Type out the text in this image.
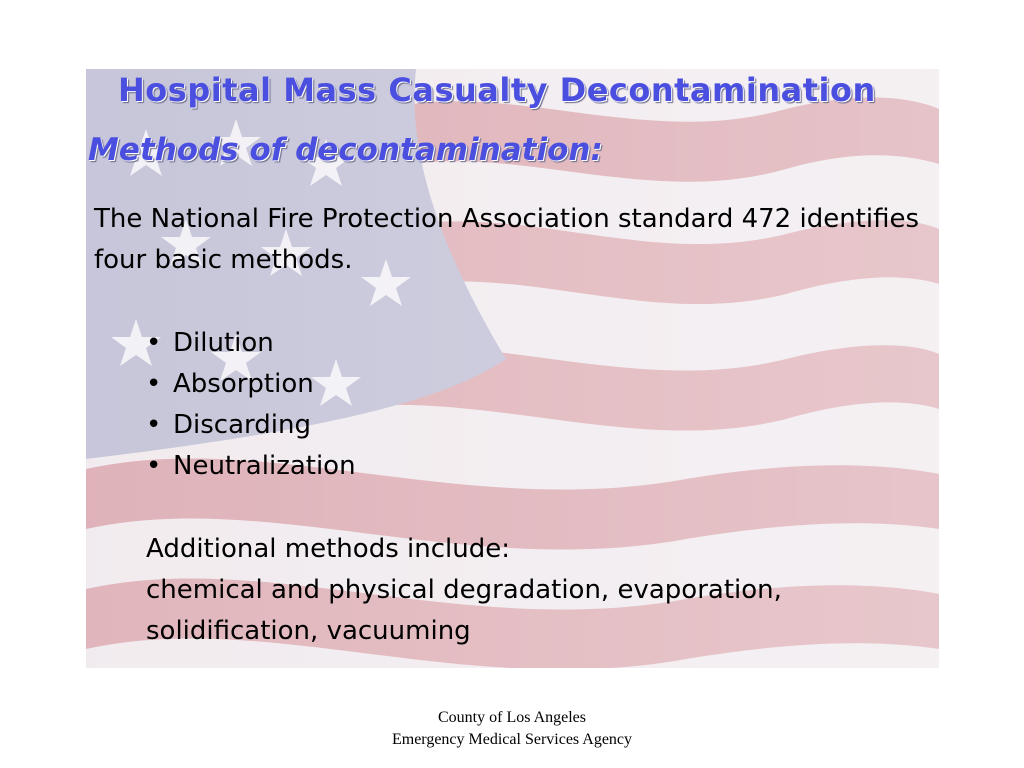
Hospital Mass Casualty Decontamination
Methods of decontamination:

The National Fire Protection Association standard 472 identifies four basic methods.

• Dilution
• Absorption
• Discarding
• Neutralization
Additional methods include:
chemical and physical degradation, evaporation, solidification, vacuuming
County of Los Angeles
Emergency Medical Services Agency
